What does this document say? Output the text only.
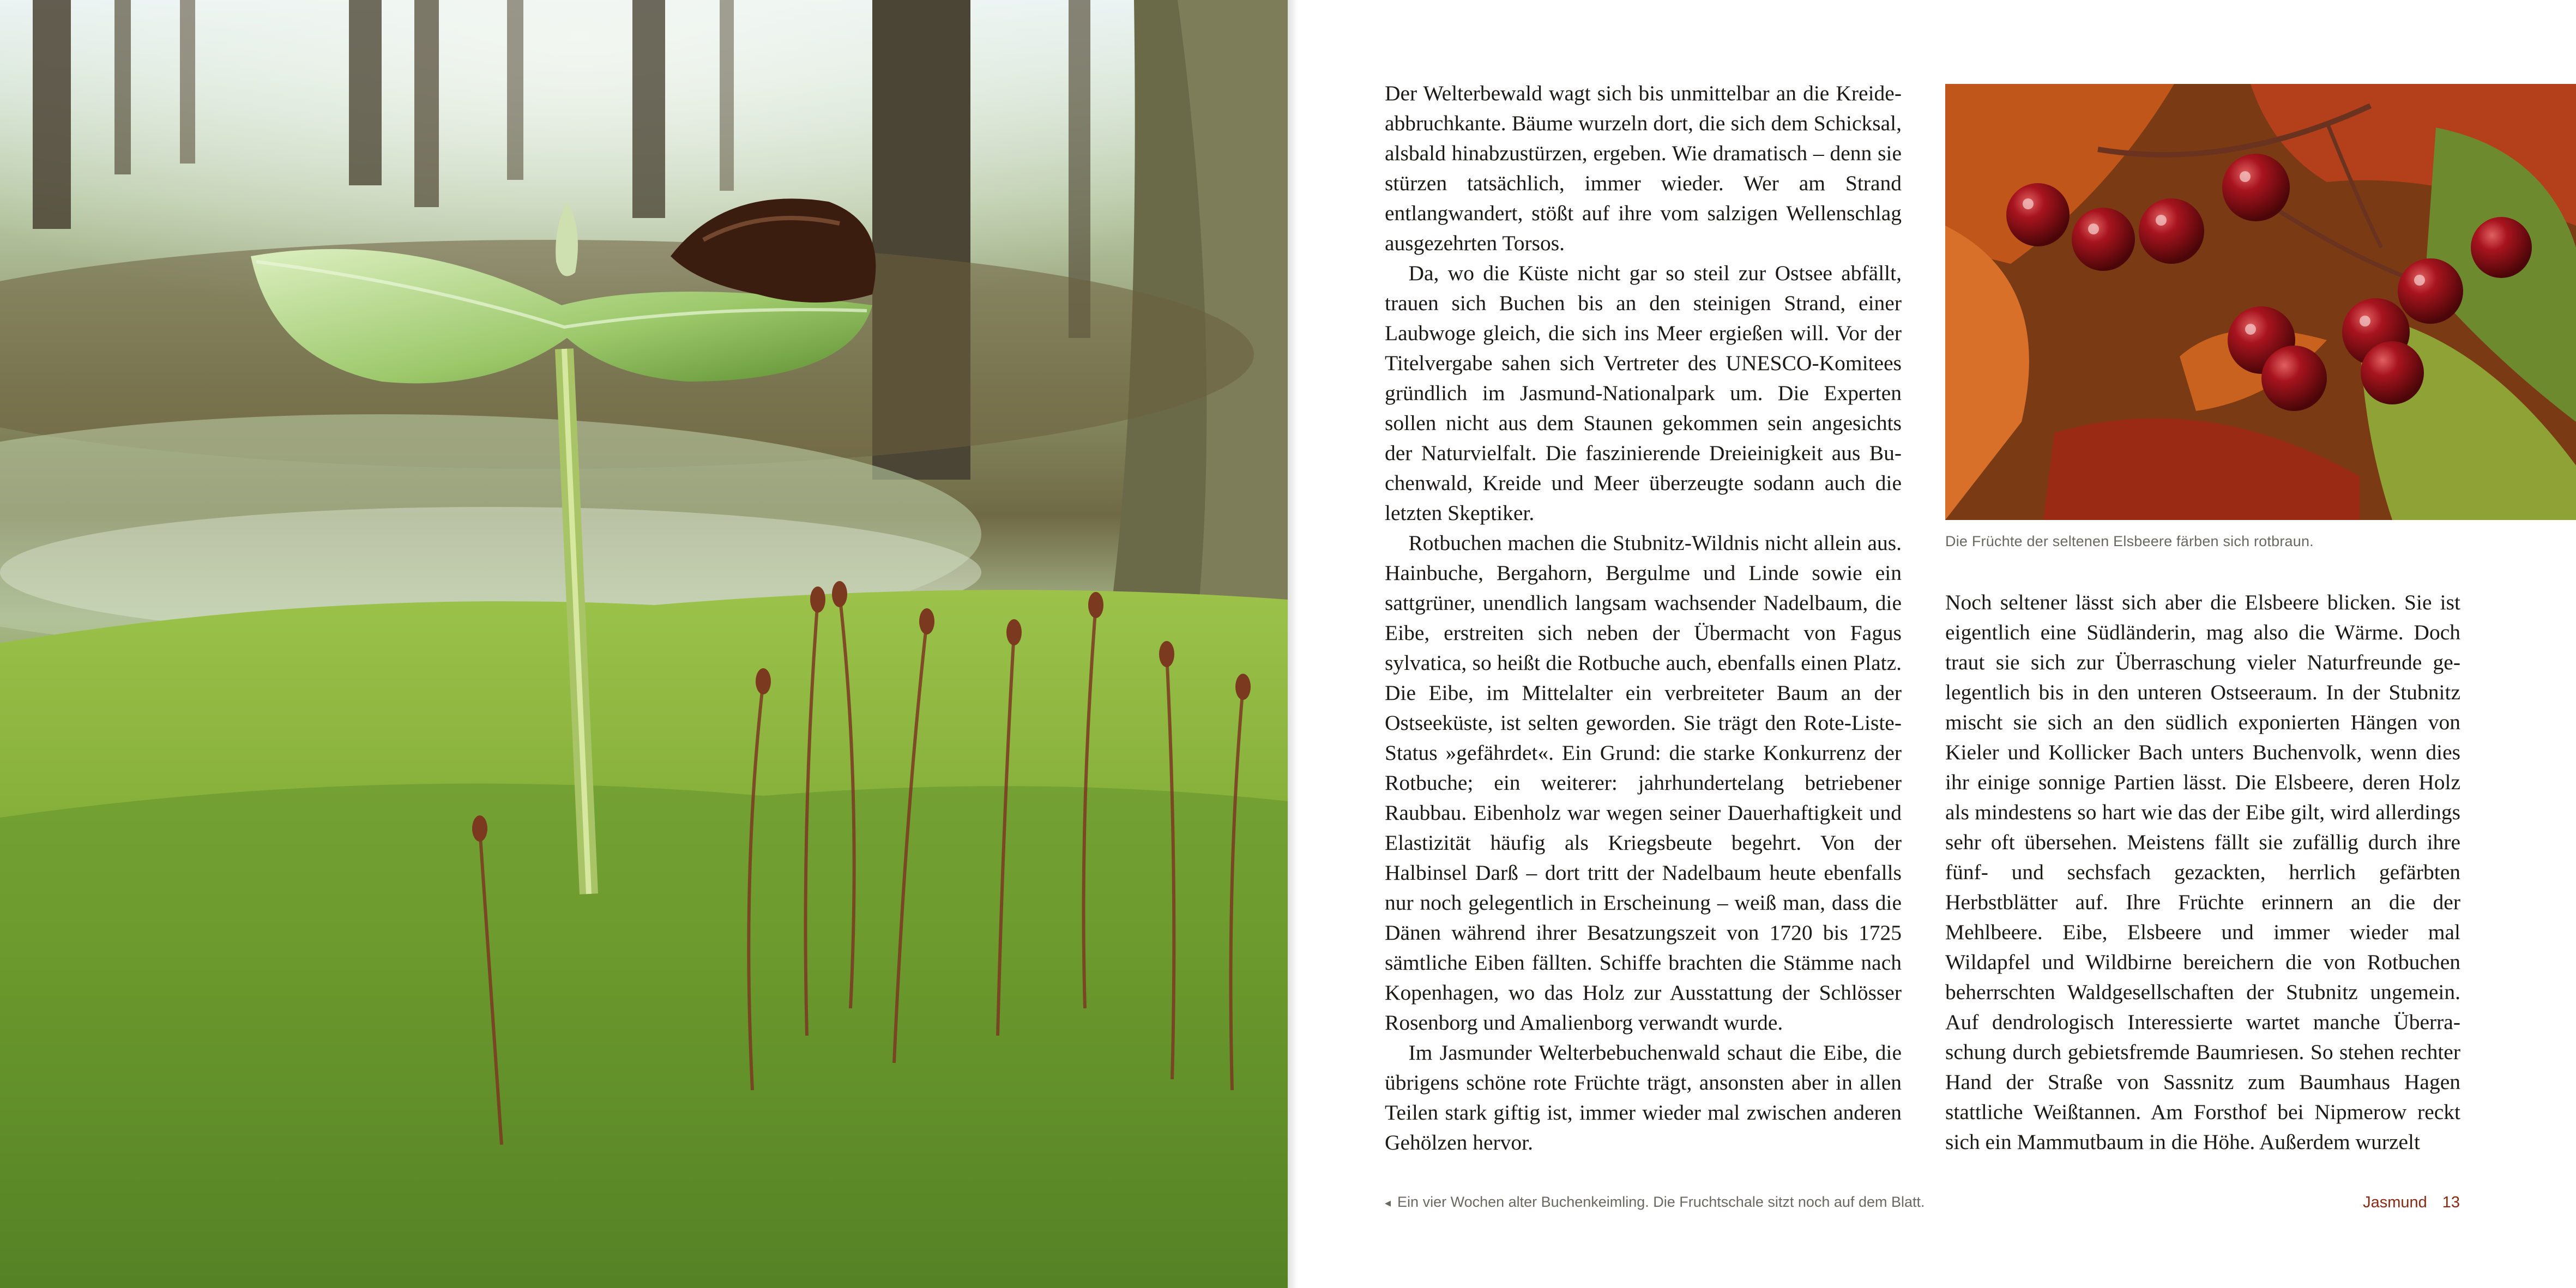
Der Welterbewald wagt sich bis unmittelbar an die Kreideabbruchkante. Bäume wurzeln dort, die sich dem Schicksal, alsbald hinabzustürzen, ergeben. Wie dramatisch – denn sie stürzen tatsächlich, immer wieder. Wer am Strand entlangwandert, stößt auf ihre vom salzigen Wellenschlag ausgezehrten Torsos.

Da, wo die Küste nicht gar so steil zur Ostsee abfällt, trauen sich Buchen bis an den steinigen Strand, einer Laubwoge gleich, die sich ins Meer ergießen will. Vor der Titelvergabe sahen sich Vertreter des UNESCO-Komitees gründlich im Jasmund-Nationalpark um. Die Experten sollen nicht aus dem Staunen gekommen sein angesichts der Naturvielfalt. Die faszinierende Dreieinigkeit aus Buchenwald, Kreide und Meer überzeugte sodann auch die letzten Skeptiker.

Rotbuchen machen die Stubnitz-Wildnis nicht allein aus. Hainbuche, Bergahorn, Bergulme und Linde sowie ein sattgrüner, unendlich langsam wachsender Nadelbaum, die Eibe, erstreiten sich neben der Übermacht von Fagus sylvatica, so heißt die Rotbuche auch, ebenfalls einen Platz. Die Eibe, im Mittelalter ein verbreiteter Baum an der Ostseeküste, ist selten geworden. Sie trägt den Rote-Liste-Status »gefährdet«. Ein Grund: die starke Konkurrenz der Rotbuche; ein weiterer: jahrhundertelang betriebener Raubbau. Eibenholz war wegen seiner Dauerhaftigkeit und Elastizität häufig als Kriegsbeute begehrt. Von der Halbinsel Darß – dort tritt der Nadelbaum heute ebenfalls nur noch gelegentlich in Erscheinung – weiß man, dass die Dänen während ihrer Besatzungszeit von 1720 bis 1725 sämtliche Eiben fällten. Schiffe brachten die Stämme nach Kopenhagen, wo das Holz zur Ausstattung der Schlösser Rosenborg und Amalienborg verwandt wurde.

Im Jasmunder Welterbebuchenwald schaut die Eibe, die übrigens schöne rote Früchte trägt, ansonsten aber in allen Teilen stark giftig ist, immer wieder mal zwischen anderen Gehölzen hervor.

Die Früchte der seltenen Elsbeere färben sich rotbraun.

Noch seltener lässt sich aber die Elsbeere blicken. Sie ist eigentlich eine Südländerin, mag also die Wärme. Doch traut sie sich zur Überraschung vieler Naturfreunde gelegentlich bis in den unteren Ostseeraum. In der Stubnitz mischt sie sich an den südlich exponierten Hängen von Kieler und Kollicker Bach unters Buchenvolk, wenn dies ihr einige sonnige Partien lässt. Die Elsbeere, deren Holz als mindestens so hart wie das der Eibe gilt, wird allerdings sehr oft übersehen. Meistens fällt sie zufällig durch ihre fünf- und sechsfach gezackten, herrlich gefärbten Herbstblätter auf. Ihre Früchte erinnern an die der Mehlbeere. Eibe, Elsbeere und immer wieder mal Wildapfel und Wildbirne bereichern die von Rotbuchen beherrschten Waldgesellschaften der Stubnitz ungemein. Auf dendrologisch Interessierte wartet manche Überraschung durch gebietsfremde Baumriesen. So stehen rechter Hand der Straße von Sassnitz zum Baumhaus Hagen stattliche Weißtannen. Am Forsthof bei Nipmerow reckt sich ein Mammutbaum in die Höhe. Außerdem wurzelt

◂ Ein vier Wochen alter Buchenkeimling. Die Fruchtschale sitzt noch auf dem Blatt.	Jasmund 13
